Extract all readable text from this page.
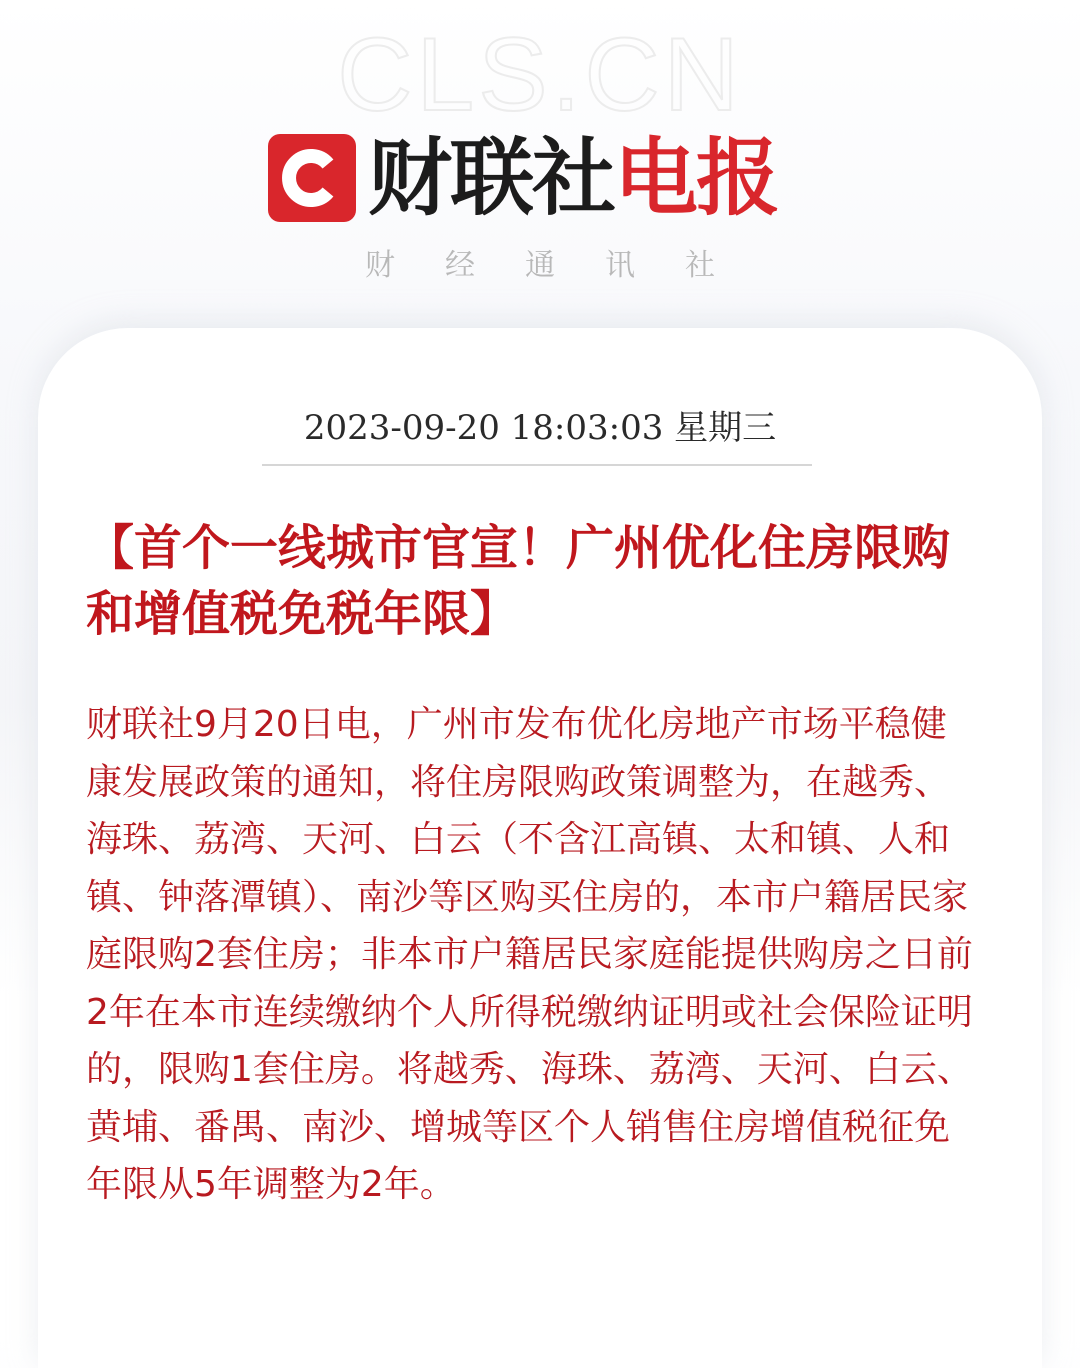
CLS.CN
财联社电报
财经通讯社
2023-09-20 18:03:03 星期三
【首个一线城市官宣！广州优化住房限购和增值税免税年限】
财联社9月20日电，广州市发布优化房地产市场平稳健康发展政策的通知，将住房限购政策调整为，在越秀、海珠、荔湾、天河、白云（不含江高镇、太和镇、人和镇、钟落潭镇）、南沙等区购买住房的，本市户籍居民家庭限购2套住房；非本市户籍居民家庭能提供购房之日前2年在本市连续缴纳个人所得税缴纳证明或社会保险证明的，限购1套住房。将越秀、海珠、荔湾、天河、白云、黄埔、番禺、南沙、增城等区个人销售住房增值税征免年限从5年调整为2年。
